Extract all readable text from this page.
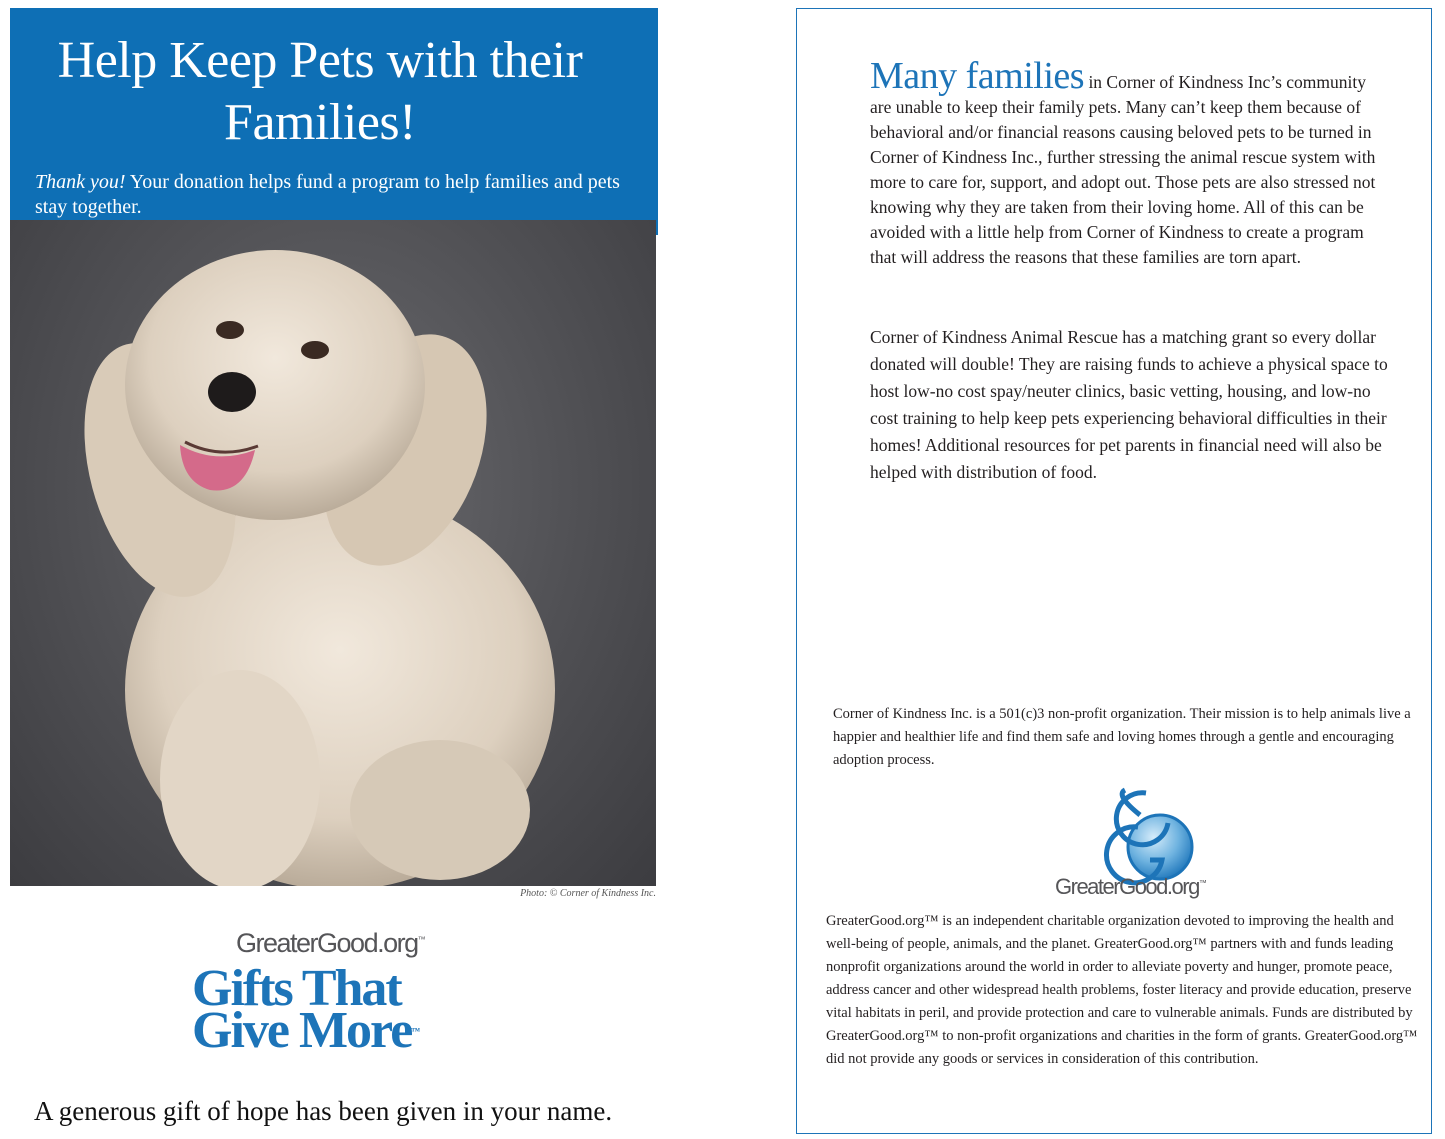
Help Keep Pets with their Families!

Thank you! Your donation helps fund a program to help families and pets stay together.

Photo: © Corner of Kindness Inc.

GreaterGood.org™

Gifts That
Give More™

A generous gift of hope has been given in your name.

Many families in Corner of Kindness Inc’s community are unable to keep their family pets. Many can’t keep them because of behavioral and/or financial reasons causing beloved pets to be turned in Corner of Kindness Inc., further stressing the animal rescue system with more to care for, support, and adopt out. Those pets are also stressed not knowing why they are taken from their loving home. All of this can be avoided with a little help from Corner of Kindness to create a program that will address the reasons that these families are torn apart.

Corner of Kindness Animal Rescue has a matching grant so every dollar donated will double! They are raising funds to achieve a physical space to host low-no cost spay/neuter clinics, basic vetting, housing, and low-no cost training to help keep pets experiencing behavioral difficulties in their homes! Additional resources for pet parents in financial need will also be helped with distribution of food.

Corner of Kindness Inc. is a 501(c)3 non-profit organization. Their mission is to help animals live a happier and healthier life and find them safe and loving homes through a gentle and encouraging adoption process.

GreaterGood.org™

GreaterGood.org™ is an independent charitable organization devoted to improving the health and well-being of people, animals, and the planet. GreaterGood.org™ partners with and funds leading nonprofit organizations around the world in order to alleviate poverty and hunger, promote peace, address cancer and other widespread health problems, foster literacy and provide education, preserve vital habitats in peril, and provide protection and care to vulnerable animals. Funds are distributed by GreaterGood.org™ to non-profit organizations and charities in the form of grants. GreaterGood.org™ did not provide any goods or services in consideration of this contribution.
